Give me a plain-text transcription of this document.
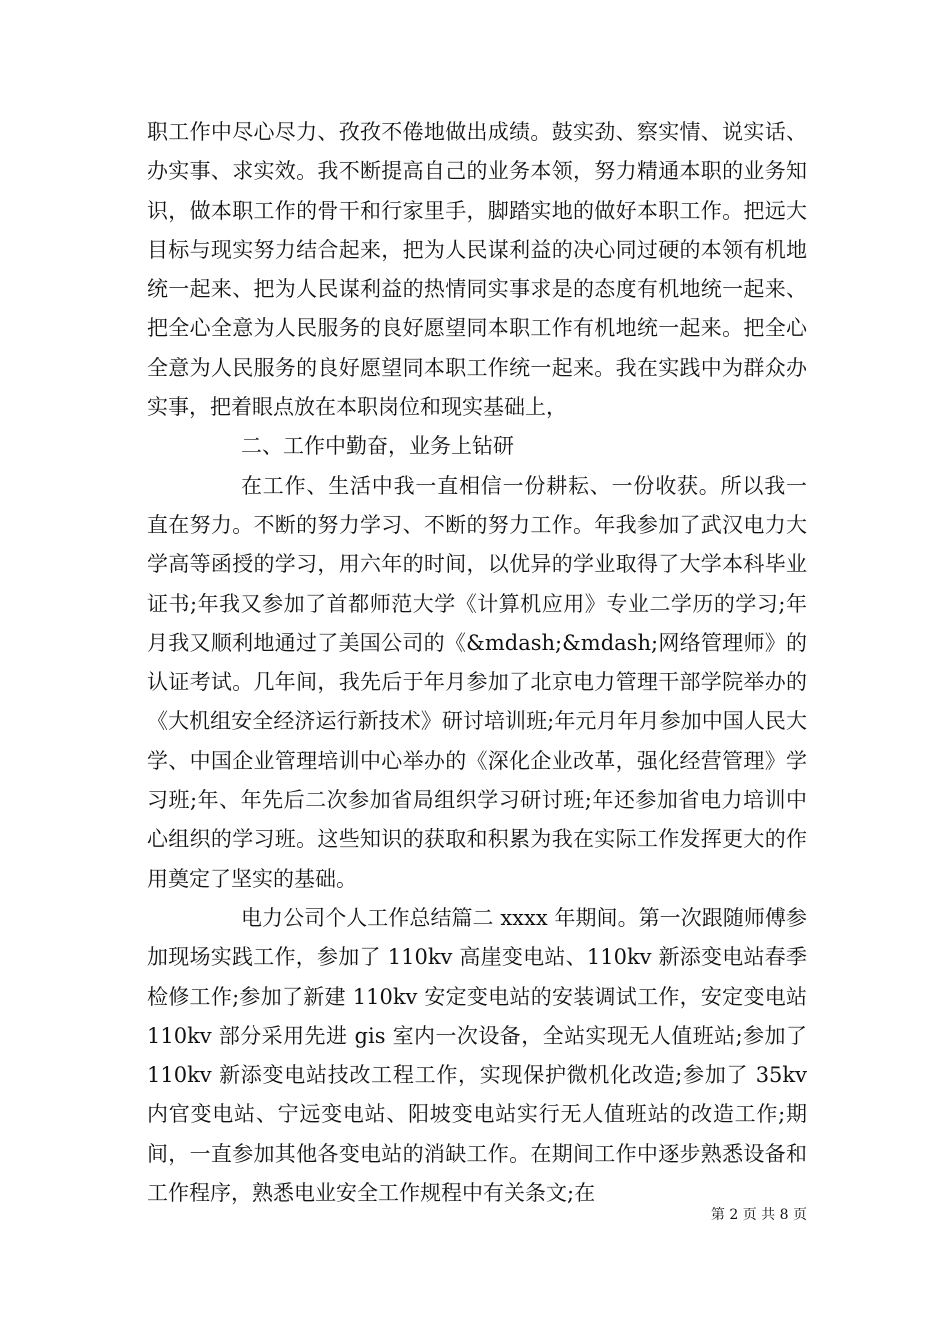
职工作中尽心尽力、孜孜不倦地做出成绩。鼓实劲、察实情、说实话、办实事、求实效。我不断提高自己的业务本领，努力精通本职的业务知识，做本职工作的骨干和行家里手，脚踏实地的做好本职工作。把远大目标与现实努力结合起来，把为人民谋利益的决心同过硬的本领有机地统一起来、把为人民谋利益的热情同实事求是的态度有机地统一起来、把全心全意为人民服务的良好愿望同本职工作有机地统一起来。把全心全意为人民服务的良好愿望同本职工作统一起来。我在实践中为群众办实事，把着眼点放在本职岗位和现实基础上，

二、工作中勤奋，业务上钻研

在工作、生活中我一直相信一份耕耘、一份收获。所以我一直在努力。不断的努力学习、不断的努力工作。年我参加了武汉电力大学高等函授的学习，用六年的时间，以优异的学业取得了大学本科毕业证书;年我又参加了首都师范大学《计算机应用》专业二学历的学习;年月我又顺利地通过了美国公司的《&mdash;&mdash;网络管理师》的认证考试。几年间，我先后于年月参加了北京电力管理干部学院举办的《大机组安全经济运行新技术》研讨培训班;年元月年月参加中国人民大学、中国企业管理培训中心举办的《深化企业改革，强化经营管理》学习班;年、年先后二次参加省局组织学习研讨班;年还参加省电力培训中心组织的学习班。这些知识的获取和积累为我在实际工作发挥更大的作用奠定了坚实的基础。

电力公司个人工作总结篇二 xxxx 年期间。第一次跟随师傅参加现场实践工作，参加了 110kv 高崖变电站、110kv 新添变电站春季检修工作;参加了新建 110kv 安定变电站的安装调试工作，安定变电站 110kv 部分采用先进 gis 室内一次设备，全站实现无人值班站;参加了 110kv 新添变电站技改工程工作，实现保护微机化改造;参加了 35kv 内官变电站、宁远变电站、阳坡变电站实行无人值班站的改造工作;期间，一直参加其他各变电站的消缺工作。在期间工作中逐步熟悉设备和工作程序，熟悉电业安全工作规程中有关条文;在

第 2 页 共 8 页
